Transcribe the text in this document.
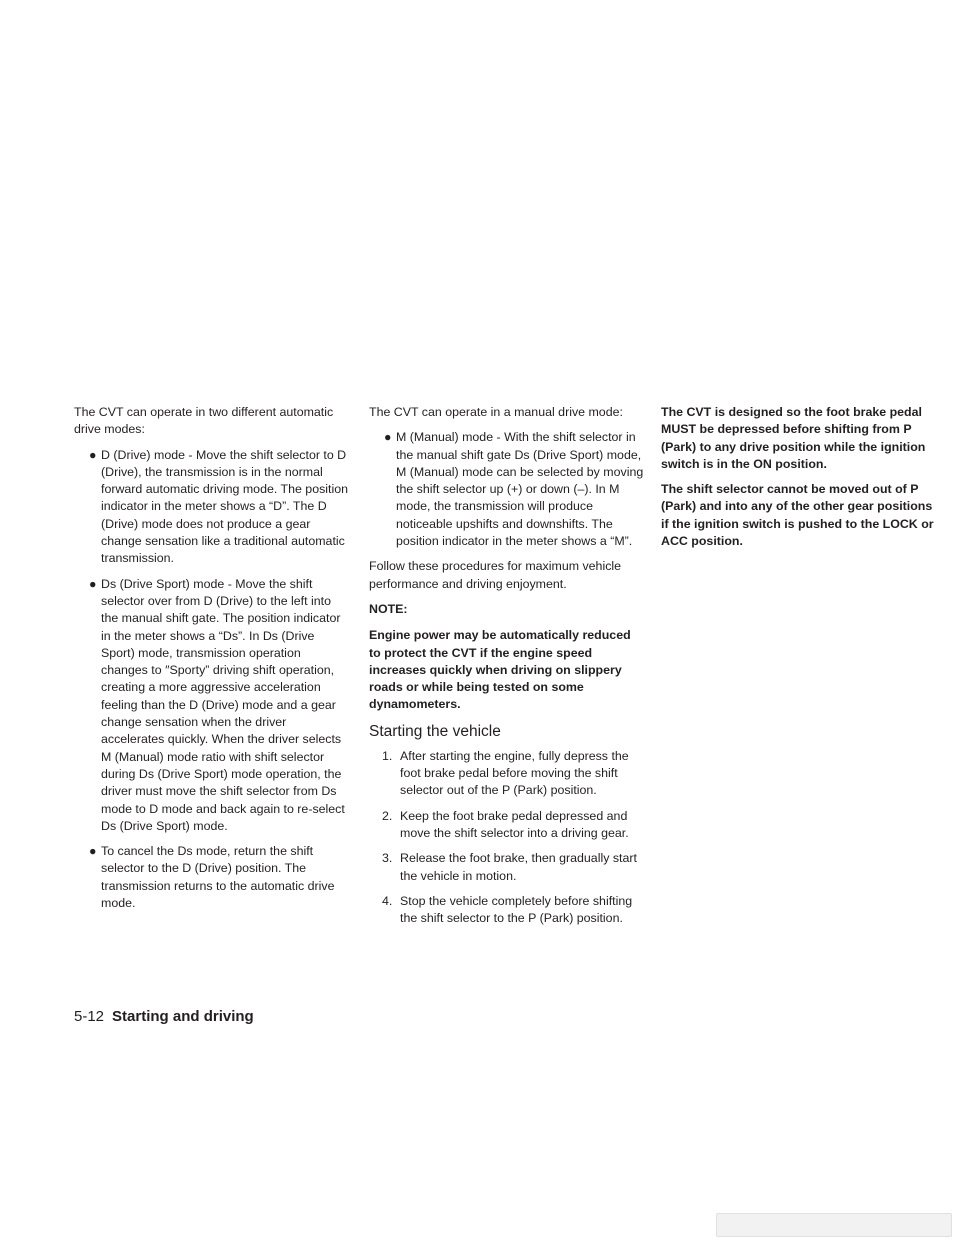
The CVT can operate in two different automatic drive modes:

● D (Drive) mode - Move the shift selector to D (Drive), the transmission is in the normal forward automatic driving mode. The position indicator in the meter shows a “D”. The D (Drive) mode does not produce a gear change sensation like a traditional automatic transmission.
● Ds (Drive Sport) mode - Move the shift selector over from D (Drive) to the left into the manual shift gate. The position indicator in the meter shows a “Ds”. In Ds (Drive Sport) mode, transmission operation changes to ″Sporty” driving shift operation, creating a more aggressive acceleration feeling than the D (Drive) mode and a gear change sensation when the driver accelerates quickly. When the driver selects M (Manual) mode ratio with shift selector during Ds (Drive Sport) mode operation, the driver must move the shift selector from Ds mode to D mode and back again to re-select Ds (Drive Sport) mode.
● To cancel the Ds mode, return the shift selector to the D (Drive) position. The transmission returns to the automatic drive mode.

The CVT can operate in a manual drive mode:

● M (Manual) mode - With the shift selector in the manual shift gate Ds (Drive Sport) mode, M (Manual) mode can be selected by moving the shift selector up (+) or down (–). In M mode, the transmission will produce noticeable upshifts and downshifts. The position indicator in the meter shows a “M”.

Follow these procedures for maximum vehicle performance and driving enjoyment.

NOTE:

Engine power may be automatically reduced to protect the CVT if the engine speed increases quickly when driving on slippery roads or while being tested on some dynamometers.

Starting the vehicle
1. After starting the engine, fully depress the foot brake pedal before moving the shift selector out of the P (Park) position.
2. Keep the foot brake pedal depressed and move the shift selector into a driving gear.
3. Release the foot brake, then gradually start the vehicle in motion.
4. Stop the vehicle completely before shifting the shift selector to the P (Park) position.

The CVT is designed so the foot brake pedal MUST be depressed before shifting from P (Park) to any drive position while the ignition switch is in the ON position.

The shift selector cannot be moved out of P (Park) and into any of the other gear positions if the ignition switch is pushed to the LOCK or ACC position.

5-12 Starting and driving
